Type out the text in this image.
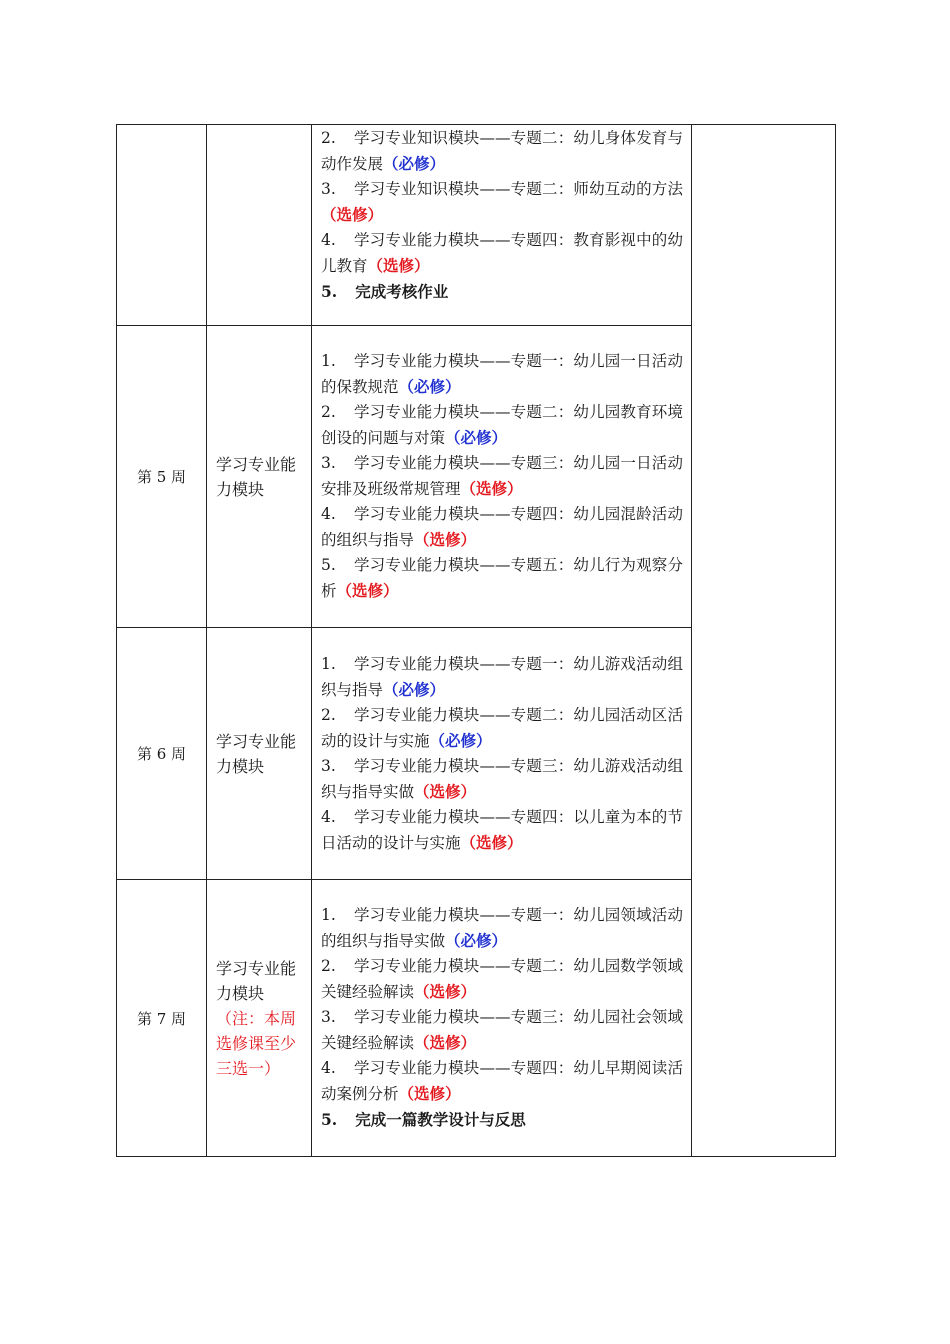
		2. 学习专业知识模块——专题二：幼儿身体发育与动作发展（必修）
3. 学习专业知识模块——专题二：师幼互动的方法（选修）
4. 学习专业能力模块——专题四：教育影视中的幼儿教育（选修）
5. 完成考核作业	

第 5 周	学习专业能力模块	1. 学习专业能力模块——专题一：幼儿园一日活动的保教规范（必修）
2. 学习专业能力模块——专题二：幼儿园教育环境创设的问题与对策（必修）
3. 学习专业能力模块——专题三：幼儿园一日活动安排及班级常规管理（选修）
4. 学习专业能力模块——专题四：幼儿园混龄活动的组织与指导（选修）
5. 学习专业能力模块——专题五：幼儿行为观察分析（选修）	

第 6 周	学习专业能力模块	1. 学习专业能力模块——专题一：幼儿游戏活动组织与指导（必修）
2. 学习专业能力模块——专题二：幼儿园活动区活动的设计与实施（必修）
3. 学习专业能力模块——专题三：幼儿游戏活动组织与指导实做（选修）
4. 学习专业能力模块——专题四：以儿童为本的节日活动的设计与实施（选修）	

第 7 周	学习专业能力模块（注：本周选修课至少三选一）	1. 学习专业能力模块——专题一：幼儿园领域活动的组织与指导实做（必修）
2. 学习专业能力模块——专题二：幼儿园数学领域关键经验解读（选修）
3. 学习专业能力模块——专题三：幼儿园社会领域关键经验解读（选修）
4. 学习专业能力模块——专题四：幼儿早期阅读活动案例分析（选修）
5. 完成一篇教学设计与反思	
